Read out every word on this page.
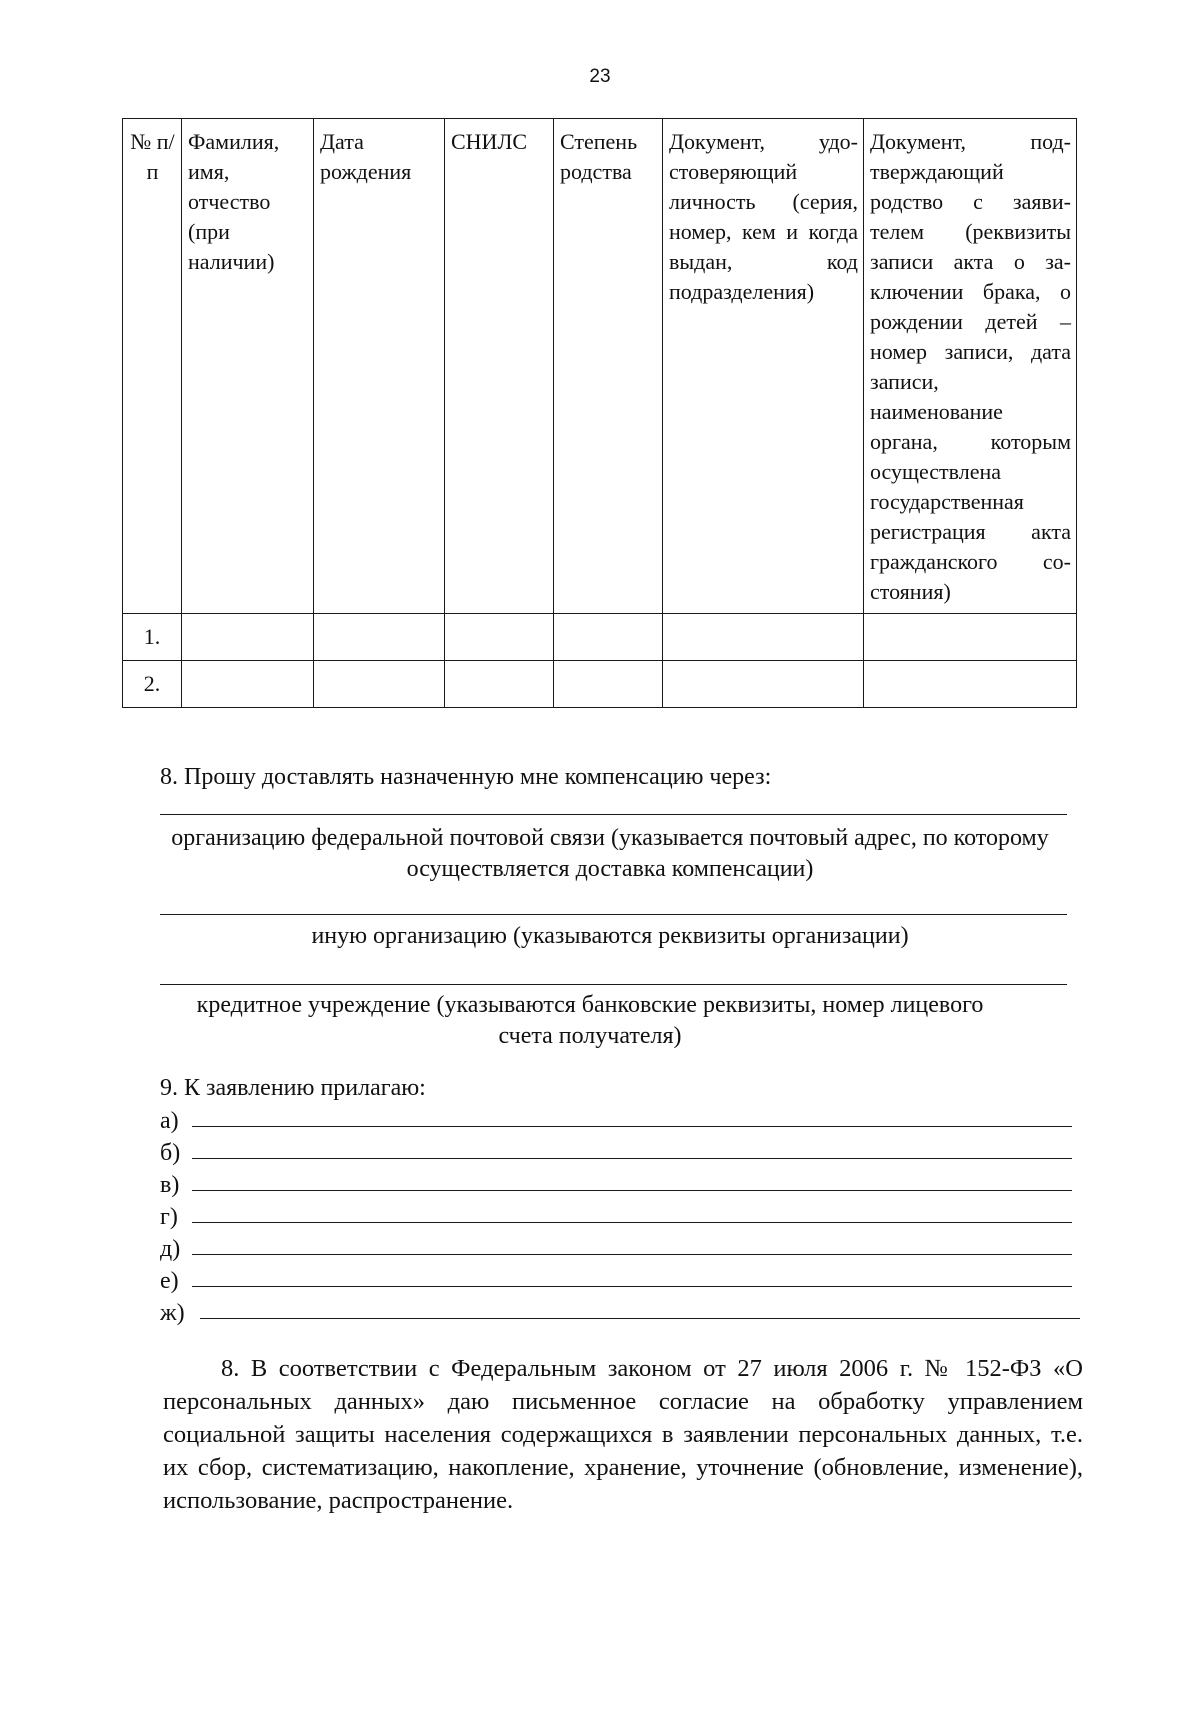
23
№ п/п	Фамилия, имя, отчество (при наличии)	Дата рождения	СНИЛС	Степень родства	Документ, удо-стоверяющий личность (серия, номер, кем и когда выдан, код подразделения)	Документ, под-тверждающий родство с заяви-телем (реквизиты записи акта о за-ключении брака, о рождении детей – номер записи, дата записи, наименование органа, которым осуществлена государственная регистрация акта гражданского со-стояния)
1.						
2.						
8. Прошу доставлять назначенную мне компенсацию через:
организацию федеральной почтовой связи (указывается почтовый адрес, по которому осуществляется доставка компенсации)
иную организацию (указываются реквизиты организации)
кредитное учреждение (указываются банковские реквизиты, номер лицевого счета получателя)
9. К заявлению прилагаю:
а)
б)
в)
г)
д)
е)
ж)
8. В соответствии с Федеральным законом от 27 июля 2006 г. № 152-ФЗ «О персональных данных» даю письменное согласие на обработку управлением социальной защиты населения содержащихся в заявлении персональных данных, т.е. их сбор, систематизацию, накопление, хранение, уточнение (обновление, изменение), использование, распространение.
